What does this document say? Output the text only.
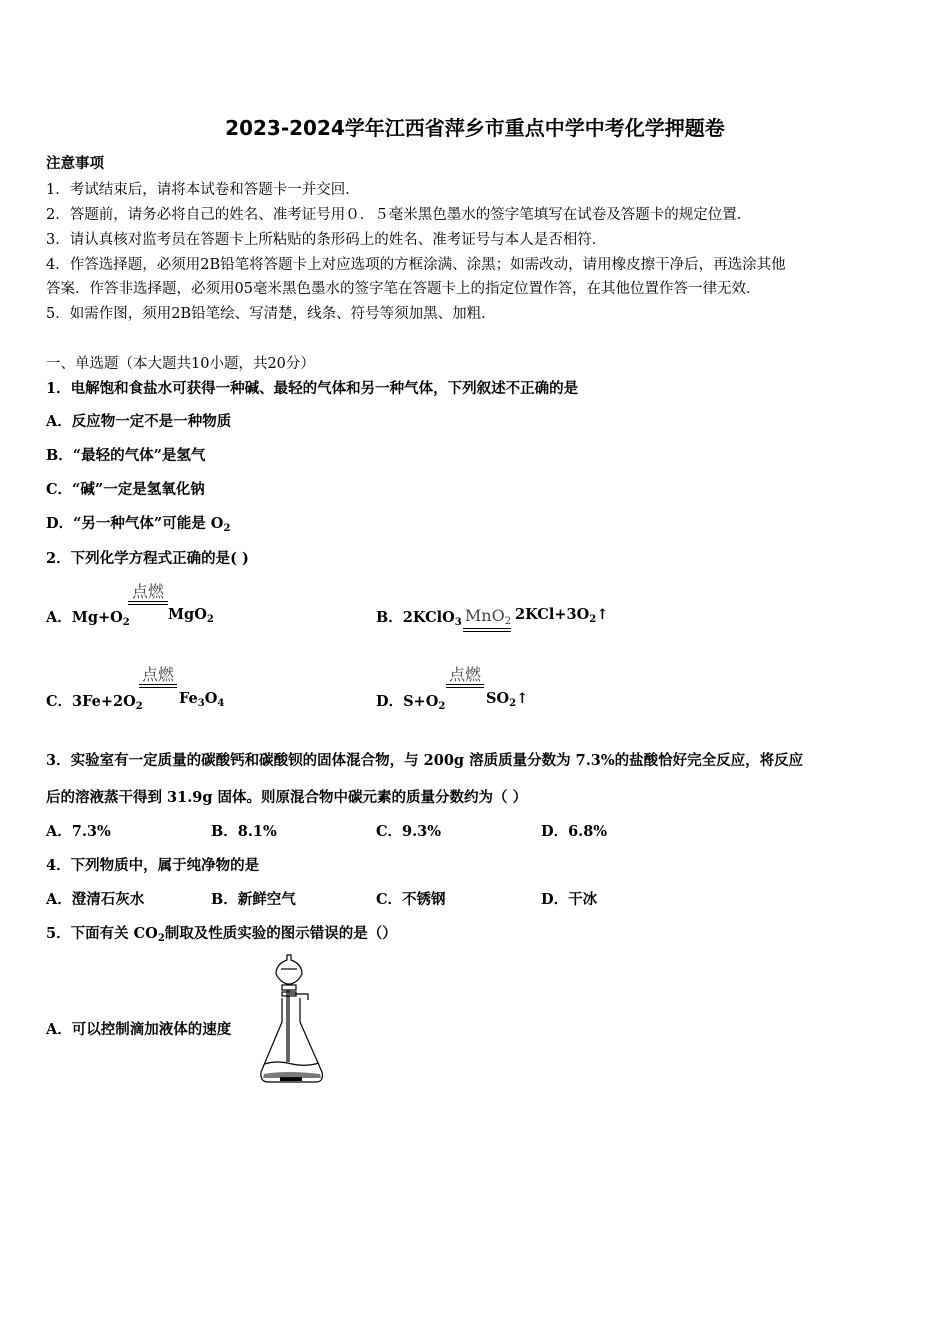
2023-2024学年江西省萍乡市重点中学中考化学押题卷
注意事项
1．考试结束后，请将本试卷和答题卡一并交回．
2．答题前，请务必将自己的姓名、准考证号用０．５毫米黑色墨水的签字笔填写在试卷及答题卡的规定位置．
3．请认真核对监考员在答题卡上所粘贴的条形码上的姓名、准考证号与本人是否相符．
4．作答选择题，必须用2B铅笔将答题卡上对应选项的方框涂满、涂黑；如需改动，请用橡皮擦干净后，再选涂其他
答案．作答非选择题，必须用05毫米黑色墨水的签字笔在答题卡上的指定位置作答，在其他位置作答一律无效．
5．如需作图，须用2B铅笔绘、写清楚，线条、符号等须加黑、加粗．
一、单选题（本大题共10小题，共20分）
1．电解饱和食盐水可获得一种碱、最轻的气体和另一种气体，下列叙述不正确的是
A．反应物一定不是一种物质
B．“最轻的气体”是氢气
C．“碱”一定是氢氧化钠
D．“另一种气体”可能是 $O_2$
2．下列化学方程式正确的是( )
A．$Mg+O_2$
点燃
MgO$_2$	B．2KClO$_3$ MnO$_2$ $2KCl+3O_2↑$
C．$3Fe+2O_2$
点燃
$Fe_3O_4$	D．$S+O_2$
点燃
$SO_2↑$
3．实验室有一定质量的碳酸钙和碳酸钡的固体混合物，与 200g 溶质质量分数为 7.3%的盐酸恰好完全反应，将反应
后的溶液蒸干得到 31.9g 固体。则原混合物中碳元素的质量分数约为（ ）
A．7.3%	B．8.1%	C．9.3%	D．6.8%
4．下列物质中，属于纯净物的是
A．澄清石灰水	B．新鲜空气	C．不锈钢	D．干冰
5．下面有关 $CO_2$制取及性质实验的图示错误的是（）
A．可以控制滴加液体的速度
